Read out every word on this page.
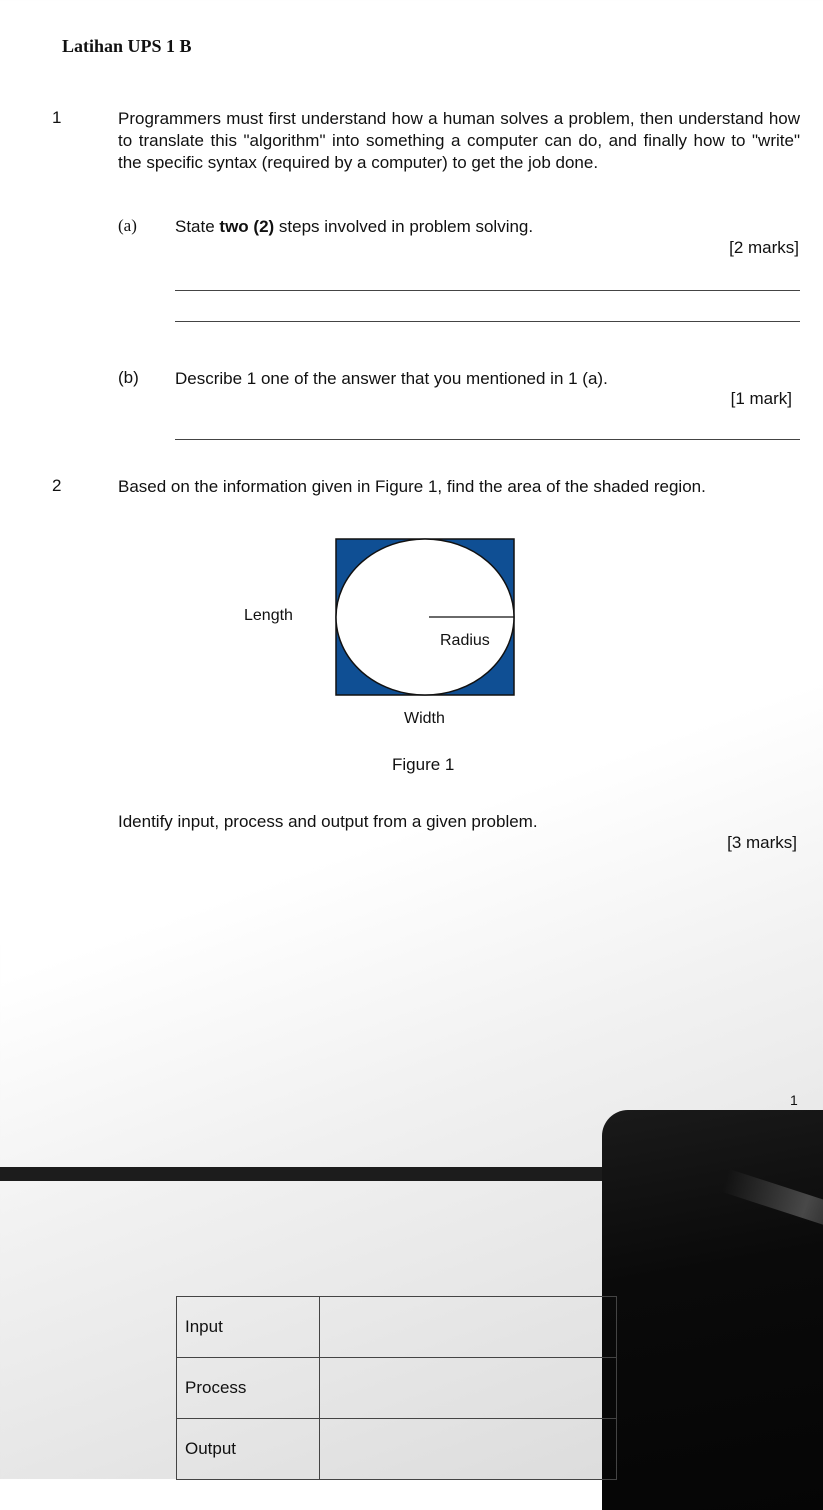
Latihan UPS 1 B
1	Programmers must first understand how a human solves a problem, then understand how to translate this "algorithm" into something a computer can do, and finally how to "write" the specific syntax (required by a computer) to get the job done.
(a) State two (2) steps involved in problem solving.
[2 marks]
(b) Describe 1 one of the answer that you mentioned in 1 (a).
[1 mark]
2	Based on the information given in Figure 1, find the area of the shaded region.
Length
Radius
Width
Figure 1
Identify input, process and output from a given problem.
[3 marks]
1
Input	
Process	
Output	
